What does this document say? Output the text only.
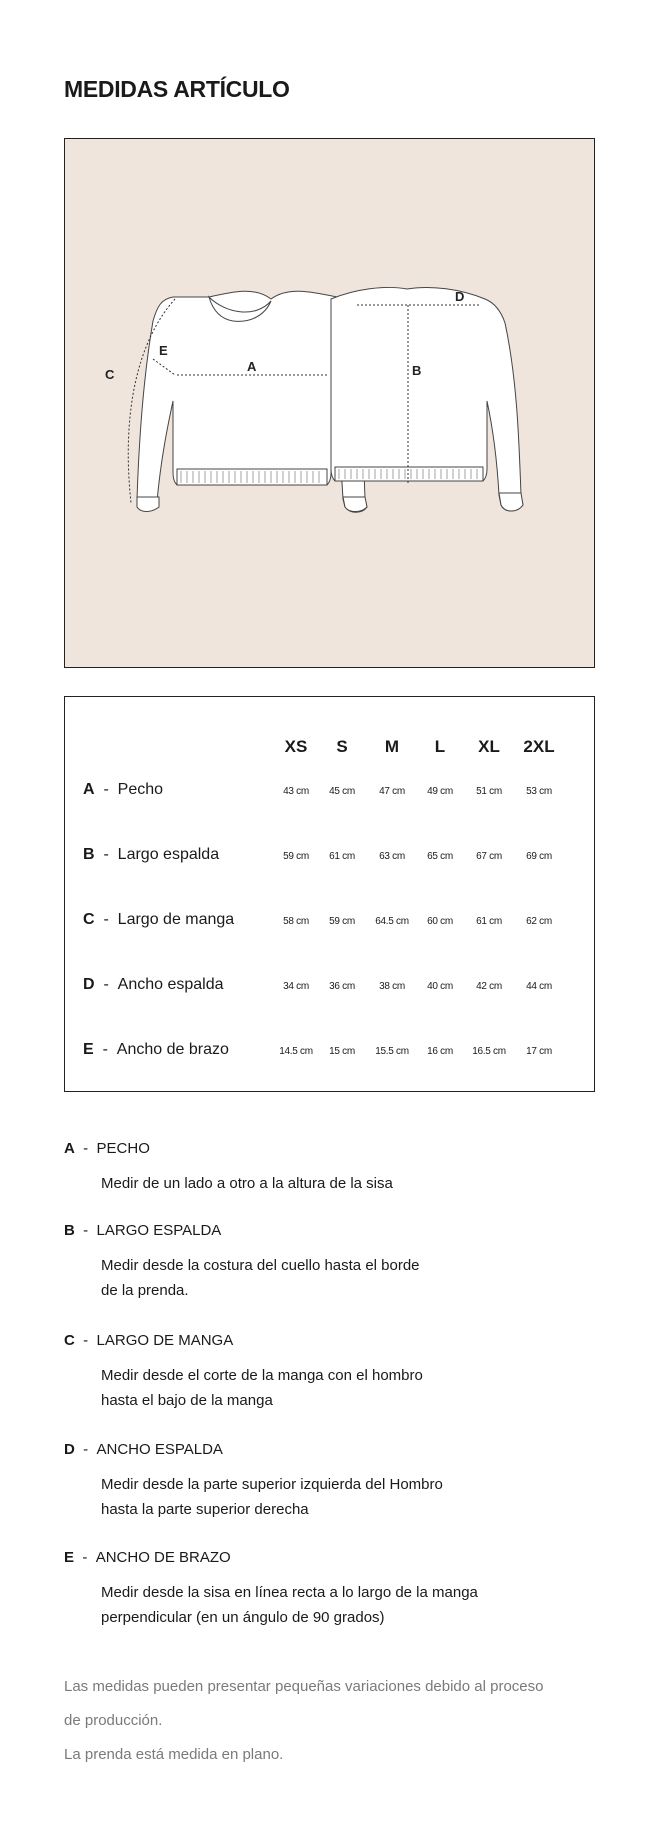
MEDIDAS ARTÍCULO
A	B
C
D
E
XS S M L XL 2XL
A  -  Pecho	43 cm 45 cm 47 cm 49 cm 51 cm 53 cm
B  -  Largo espalda	59 cm 61 cm 63 cm 65 cm 67 cm 69 cm
C  -  Largo de manga	58 cm 59 cm 64.5 cm 60 cm 61 cm 62 cm
D  -  Ancho espalda	34 cm 36 cm 38 cm 40 cm 42 cm 44 cm
E  -  Ancho de brazo	14.5 cm 15 cm 15.5 cm 16 cm 16.5 cm 17 cm
A  -  PECHO
Medir de un lado a otro a la altura de la sisa
B  -  LARGO ESPALDA
Medir desde la costura del cuello hasta el borde
de la prenda.
C  -  LARGO DE MANGA
Medir desde el corte de la manga con el hombro
hasta el bajo de la manga
D  -  ANCHO ESPALDA
Medir desde la parte superior izquierda del Hombro
hasta la parte superior derecha
E  -  ANCHO DE BRAZO
Medir desde la sisa en línea recta a lo largo de la manga
perpendicular (en un ángulo de 90 grados)
Las medidas pueden presentar pequeñas variaciones debido al proceso
de producción.
La prenda está medida en plano.
